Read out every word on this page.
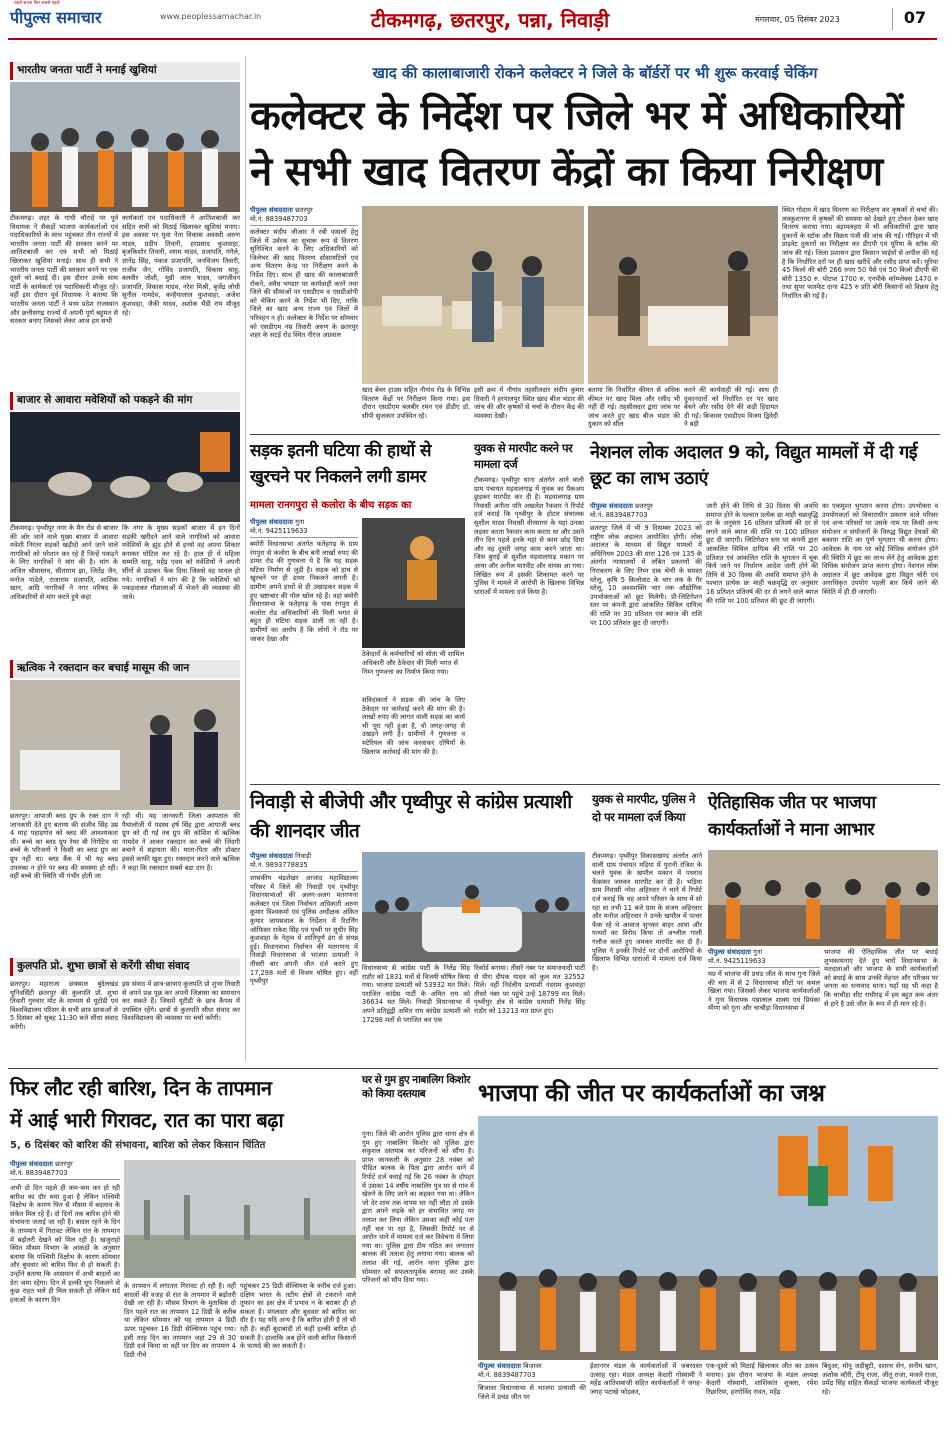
पीपुल्स समाचार
पहले सच्चा फिर सबसे पहले
www.peoplessamachar.in	टीकमगढ़, छतरपुर, पन्ना, निवाड़ी	मंगलवार, 05 दिसंबर 2023	07
भारतीय जनता पार्टी ने मनाई खुशियां
टीकमगढ़। शहर के गांधी चौराहे पर पूर्व विधायक ने सैकड़ों भाजपा कार्यकर्ताओं एवं पदाधिकारियों के साथ पहुंचकर तीन राज्यों में भारतीय जनता पार्टी की सरकार बनने पर आतिशबाजी कर एवं सभी को मिठाई खिलाकर खुशियां मनाई। साथ ही सभी ने भारतीय जनता पार्टी की सरकार बनने पर एक दूसरे को बधाई दी। इस दौरान उनके साथ पार्टी के कार्यकर्ता एवं पदाधिकारी मौजूद रहे। वहीं इस दौरान पूर्व विधायक ने बताया कि भारतीय जनता पार्टी ने मध्य प्रदेश राजस्थान और छत्तीसगढ़ राज्यों में अपनी पूर्ण बहुमत से सरकार बनाए जिसको लेकर आज हम सभी
कार्यकर्ता एवं पदाधिकारी ने आतिशबाजी कर सहित सभी को मिठाई खिलाकर खुशियां मनाए। इस अवसर पर युवा नेता विकास अवस्थी अरुण यादव, प्रदीप तिवारी, हरप्रसाद कुशवाहा, बृजकिशोर तिवारी, श्याम यादव, प्रजापति, गंगेले, ज्ञानेंद्र सिंह, पंकज प्रजापति, जनविजय तिवारी, राजीव जैन, गोविंद प्रजापति, विकास साहू, बलवीर जोशी, मुन्नी लाल यादव, जगजीवन प्रजापति, विकास यादव, नरेश मिश्री, बृजेंद्र लोधी सुनील नामदेव, कन्हैयालाल कुशवाहा, अजेश कुशवाहा, जैकी यादव, अशोक भैंडी राय मौजूद रहे।
बाजार से आवारा मवेशियों को पकड़ने की मांग
टीकमगढ़। पृथ्वीपुर नगर के मैन रोड से बाजार की ओर जाने वाले मुख्य बाजार में आवारा मवेशी निरंतर सड़कों खड़ीदो आने जाने वाले नागरिकों को परेशान कर रहे हैं जिन्हें पकड़ने के लिए नागरिकों ने मांग की है। मांग के अजित श्रीवास्तव, सीताराम झा, जितेंद्र जैन, मनोज पांडेले, राजाराम प्रजापति, आशिक खान, आदि नागरिकों ने नगर परिषद के अधिकारियों से मांग करते हुये कहा
कि नगर के मुख्य सड़कों बाजार में इन दिनों सड़की खरीदने आने वाले नागरिकों को आवारा मवेशियों के झुंड होने से इनसे वह अपना शिकार बनाकर घोटिल कर रहे है। हाल ही में महिला सम्मति साहू, महेंद्र एवम को मवेशियों ने अपनी सींगों से उठाकर फेंक दिया जिससे वह घायल हो गये। नागरिकों ने मांग की है कि मवेशियों को पकड़वाकर गौशालाओं में भेजने की व्यवस्था की जावे।
ऋत्विक ने रक्तदान कर बचाई मासूम की जान
छतरपुर। आपाजी ब्लड ग्रुप के रक्त दान ने जानकारी देते हुए बताया की संजीव सिंह उम्र 4 माह पहाड़गांव को ब्लड की आवश्यकता थी। बच्चे का ब्लड ग्रुप रेयर बी निगेटिव था बच्चे के परिजनों ने किसी का ब्लड ग्रुप का ग्रुप नहीं था। ब्लड बैंक में भी यह ब्लड उपलब्ध न होने पर ब्लड की समस्या हो रही। वहीं बच्चे की स्थिति भी गंभीर होती जा
रही थी। यह जानकारी जिला अस्पताल की पैथालॉजी में पदस्थ हर्ष सिंह द्वारा आपाजी ब्लड ग्रुप को दी गई तब ग्रुप की कोशिश से ऋत्विक नामदेव ने आकर रक्तदान कर बच्चे की जिंदगी बचाने में सहायता की। माता-पिता और डॉक्टर इससे काफी खुश हुए। रक्तदान करने वाले ऋत्विक ने कहा कि रक्तदान सबसे बड़ा दान है।
कुलपति प्रो. शुभा छात्रों से करेंगी सीधा संवाद
छतरपुर। महाराजा छत्रसाल बुंदेलखंड यूनिवर्सिटी छतरपुर की कुलपति प्रो. शुभा तिवारी गुरुवार मोट के माध्यम से यूटोडी एवं विश्वविद्यालय परिसर के सभी छात्र छात्राओं से 5 दिसंबर को सुबह 11:30 बजे सीधा संवाद करेंगी।
इस संवाद में छात्र-छात्राएं कुलपति प्रो शुभा तिवारी से अपने प्रश्न पूछ कर अपनी जिज्ञासा का समाधान कर सकते हैं। जिसमें यूटीडी के छात्र कैंपस में उपस्थित रहेंगे। छात्रों से कुलपति सीधा संवाद कर विश्वविद्यालय की व्यवस्था पर चर्चा करेंगी।
खाद की कालाबाजारी रोकने कलेक्टर ने जिले के बॉर्डरों पर भी शुरू करवाई चेकिंग
कलेक्टर के निर्देश पर जिले भर में अधिकारियों
ने सभी खाद वितरण केंद्रों का किया निरीक्षण
पीपुल्स संवाददाता छतरपुर
मो.नं. 8839487703
कलेक्टर संदीप जीआर ने रबी फसलों हेतु जिले में उर्वरक का सुचारू रूप से वितरण सुनिश्चित करने के लिए अधिकारियों को जिलेभर की खाद वितरण सोसायटियों एवं अन्य वितरण केन्द्र पर निरीक्षण करने के निर्देश दिए। साथ ही खाद की कालाबाजारी रोकने, अवैध भण्डार पर कार्यवाही करने तथा जिले की सीमाओं पर एसडीएम व एसडीओपी को चेकिंग करने के निर्देश भी दिए, ताकि जिले का खाद अन्य राज्य एवं जिलों में परिवहन न हो। कलेक्टर के निर्देश पर सोमवार को एसडीएम नम्र तिवारी अरुण के छतरपुर शहर के सटई रोड स्थित नीरज अग्रवाल
खाद बेचर हाउस सहित नौगांव रोड के विभिन्न वितरण केंद्रों पर निरीक्षण किया गया। इस दौरान एसडीएम बलबीर रमन एवं डीडीए डॉ. सीपी सुजकार उपस्थित रहे।
इसी क्रम में नौगांव तहसीलदार संदीप कुमार तिवारी ने हरपालपुर स्थित खाद बीज भंडार की जांच की और कृषकों से चर्चा के दौरान केंद्र की व्यवस्था देखी।
बताया कि निर्धारित कीमत से अधिक कीमत पर खाद मिला और रसीद भी नहीं दी गई। तहसीलदार द्वारा जांच पर जांच करते हुए खाद बीज भंडार की दुकान को सील
करने की कार्यवाही की गई। साथ ही दुकानदारों को निर्धारित दर पर खाद बेचने और रसीद देने की कड़ी हिदायत दी गई। बिजावर एसडीएम विजय द्विवेदी ने बड़ी
स्थित गोदाम में खाद वितरण का निरीक्षण कर कृषकों से चर्चा की। लवकुशनगर में कृषकों की समस्या को देखते हुए टोकन देकर खाद वितरण कराया गया। बड़ामलहरा में भी अधिकारियों द्वारा खाद दुकानों के स्टॉक और विक्रय पंजी की जांच की गई। गौरिहार में भी प्राइवेट दुकानों का निरीक्षण कर डीएपी एवं यूरिया के स्टॉक की जांच की गई। जिला प्रशासन द्वारा किसान भाईयों से अपील की गई है कि निर्धारित दरों पर ही खाद खरीदें और रसीद प्राप्त करें। यूरिया 45 किलो की बोरी 266 रुपए 50 पैसे एवं 50 किलो डीएपी की बोरी 1350 रु. पोटाश 1700 रु. एनपीके कॉम्प्लेक्स 1470 रु तथा सुपर फास्फेट दाना 425 रु प्रति बोरी किसानों को विक्रय हेतु निर्धारित की गई है।
सड़क इतनी घटिया की हाथों से खुरचने पर निकलने लगी डामर
मामला रानगपुरा से कलोरा के बीच सड़क का
पीपुल्स संवाददाता गुना
मो.नं. 9425119633
बमोरी विधानसभा अंतर्गत फतेहगढ़ के ग्राम रंगपुरा से कलोरा के बीच बनी लाखों रुपए की डामर रोड की गुणवत्ता ये है कि यह सड़क घटिया निर्माण से जुड़ी है। सड़क को हाथ से खुरचने पर ही डामर निकलने लगती है। ग्रामीण अपने हाथों से ही उखाड़कर सड़क में हुए भ्रष्टाचार की पोल खोल रहे हैं। वहां बमोरी विधानसभा के फतेहगढ़ के पास रंगपुरा से कलोरा रोड अधिकारियों की मिली भगत से बहुत ही घटिया सड़क डाली जा रही है। ग्रामीणों का आरोप है कि लोगों ने रोड पर जाकर देखा और
ठेकेदारों के कर्मचारियों को सोता भी शामिल अधिकारी और ठेकेदार की मिली भगत से निम्न गुणवत्ता का निर्माण किया गया।
संविदाकर्ता ने सड़क की जांच के लिए ठेकेदार पर कार्रवाई करने की मांग की है। लाखों रुपए की लागत वाली सड़क का कार्य भी पूरा नहीं हुआ है, वो जगह-जगह से उखड़ने लगी है। ग्रामीणों ने गुणवत्ता व मटेरियल की जांच करवाकर दोषियों के खिलाफ कार्रवाई की मांग की है।
युवक से मारपीट करने पर मामला दर्ज
टीकमगढ़। पृथ्वीपुर थाना अंतर्गत आने वाली ग्राम पंचायत मड़वालगाढ़ में युवक का पैकअप छुड़कर मारपीट कर दी है। मड़वालगाढ़ ग्राम निवासी अनीता पति अखलेश रैकवार ने रिपोर्ट दर्ज कराई कि पृथ्वीपुर के होटल संचालक सुशील यादव निवासी वीरसागर के यहां उनका लड़का करता रैकवार काम करता था और उसने तीन दिन पहले इनके यहां से काम छोड़ दिया और वह दूसरी जगह काम करने जाता था। जिस बुराई से सुशील मड़वालगाढ़ मकान पर आया और अनील मारपीट और वापस आ गया। लिखित रूप में इसकी शिकायत करने पर पुलिस ने मामले में आरोपी के खिलाफ विभिन्न धाराओं में मामला दर्ज किया है।
नेशनल लोक अदालत 9 को, विद्युत मामलों में दी गई छूट का लाभ उठाएं
पीपुल्स संवाददाता छतरपुर
मो.नं. 8839487703
छतरपुर जिले में भी 9 दिसम्बर 2023 को राष्ट्रीय लोक अदालत आयोजित होगी। लोक अदालत के माध्यम से विद्युत मामलों में अधिनियम 2003 की धारा 126 एवं 135 के अंतर्गत न्यायालयों में लंबित प्रकरणों की निराकरण के लिए निम्न दाब श्रेणी के समस्त घरेलू, कृषि 5 किलोवाट के भार तक के गैर घरेलू, 10 अश्वशक्ति भार तक औद्योगिक उपभोक्ताओं को छूट मिलेगी। प्री-लिटिगेशन स्तर पर कंपनी द्वारा आंकलित सिविल दायित्व की राशि पर 30 प्रतिशत एवं ब्याज की राशि पर 100 प्रतिशत छूट दी जाएगी।
जारी होने की तिथि से 30 दिवस की अवधि समाप्त होने के पश्चात प्रत्येक छः माही चक्रवृद्धि दर के अनुसार 16 प्रतिशत प्रतिवर्ष की दर से लगने वाले ब्याज की राशि पर 100 प्रतिशत छूट दी जाएगी। लिटिगेशन स्तर पर कंपनी द्वारा आंकलित सिविल दायित्व की राशि पर 20 प्रतिशत एवं आंकलित राशि के भुगतान में चूक किये जाने पर निर्धारण आदेश जारी होने की तिथि से 30 दिवस की अवधि समाप्त होने के पश्चात प्रत्येक छः माही चक्रवृद्धि दर अनुसार 16 प्रतिशत प्रतिवर्ष की दर से लगने वाले ब्याज की राशि पर 100 प्रतिशत की छूट दी जाएगी।
का एकमुश्त भुगतान करना होगा। उपभोक्ता व उपयोगकर्ता को विचाराधीन प्रकरण वाले परिसर एवं अन्य परिसरों पर उसके नाम पर किसी अन्य संयोजन व संयोजनों के विरुद्ध विद्युत देयकों की बकाया राशि का पूर्ण भुगतान भी करना होगा। आवेदक के नाम पर कोई विधिक संयोजन होने की स्थिति में छूट का लाभ लेने हेतु आवेदक द्वारा विधिक संयोजन प्राप्त करना होगा। नेशनल लोक अदालत में छूट आवेदक द्वारा विद्युत चोरी एवं अनाधिकृत उपयोग पहली बार किये जाने की स्थिति में ही दी जाएगी।
निवाड़ी से बीजेपी और पृथ्वीपुर से कांग्रेस प्रत्याशी की शानदार जीत
पीपुल्स संवाददाता निवाड़ी
मो.नं. 9893778835
शासकीय चंद्रशेखर आजाद महाविद्यालय परिसर में जिले की निवाड़ी एवं पृथ्वीपुर विधानसभाओं की अलग-अलग मतगणना कलेक्टर एवं जिला निर्वाचन अधिकारी अरुण कुमार विश्वकर्मा एवं पुलिस अधीक्षक अंकित कुमार जायसवाल के निर्देशन में रिटर्निंग ऑफिसर राकेश सिंह एवं पृथ्वी पर सुधीर सिंह कुशवाहा के नेतृत्व में शांतिपूर्ण ढंग से संपन्न हुई। विधानसभा निर्वाचन की मतगणना में निवाड़ी विधानसभा से भाजपा प्रत्याशी ने तीसरी बार अपनी जीत दर्ज करते हुए 17,298 मतों से विजय घोषित हुए। वहीं पृथ्वीपुर
विधानसभा से कांग्रेस पार्टी के नितेंद्र सिंह राठौर को 1831 मतों से विजयी घोषित किया गया। भाजपा प्रत्याशी को 53932 मत मिले। पराजित कांग्रेस पार्टी के अमित राय को 36634 मत मिले। निवाड़ी विधानसभा में अपने प्रतिद्वंद्वी अमित राय कांग्रेस प्रत्याशी को 17298 मतों से पराजित कर एक
रिकॉर्ड बनाया। तीसरे नंबर पर समाजवादी पार्टी से मीरा दीपक यादव को कुल मत 32552 मिले। वहीं निर्दलीय प्रत्याशी नंदराम कुशवाहा तीसरे नंबर पर पहुंचे उन्हें 18799 मत मिले। पृथ्वीपुर क्षेत्र से कांग्रेस प्रत्याशी नितेंद्र सिंह राठौर को 13213 मत प्राप्त हुए।
युवक से मारपीट, पुलिस ने दो पर मामला दर्ज किया
टीकमगढ़। पृथ्वीपुर विकासखण्ड अंतर्गत आने वाली ग्राम पंचायत मड़िया में पुरानी रंजिश के चलते युवक के खपरैल मकान में पथराव फेंककर जमकर मारपीट कर दी है। भड़िया ग्राम निवासी नरेश अहिरवार ने थाने में रिपोर्ट दर्ज कराई कि वह अपने परिवार के साथ में सो रहा था तभी 11 बजे ग्राम के संजय अहिरवार और मनोज अहिरवार ने उनके खपरैल में पत्थर फेंक रहे थे आवाज सुनकर बाहर आया और पत्थरों का विरोध किया तो अश्लील गाली गलौज करते हुए जमकर मारपीट कर दी है। पुलिस ने इनकी रिपोर्ट पर दोनों आरोपियों के खिलाफ विभिन्न धाराओं में मामला दर्ज किया है।
ऐतिहासिक जीत पर भाजपा कार्यकर्ताओं ने माना आभार
पीपुल्स संवाददाता गुना
मो.नं. 9425119633
मप्र में भाजपा की प्रचंड जीत के साथ गुना जिले की चार में से 2 विधानसभा सीटों पर कमल खिला गया। जिसको लेकर भाजपा कार्यकर्ताओं ने गुना विधायक पन्नालाल शाक्य एवं प्रियंका मीणा को गुना और चाचौड़ा विधानसभा में
भाजपा की ऐतिहासिक जीत पर बधाई शुभकामनाएं देते हुए चारों विधानसभा के मतदाताओं और भाजपा के सभी कार्यकर्ताओं को बधाई के साथ उनकी मेहनत और परिश्रम पर जनता का धन्यवाद माना। यहाँ यह भी कहा है कि चाचौड़ा सीट राघौगढ़ में हम बहुत कम अंतर से हारे है उसे जीत के रूप में ही मान रहे है।
फिर लौट रही बारिश, दिन के तापमान
में आई भारी गिरावट, रात का पारा बढ़ा
5, 6 दिसंबर को बारिश की संभावना, बारिश को लेकर किसान चिंतित
पीपुल्स संवाददाता छतरपुर
मो.नं. 8839487703
अभी दो दिन पहले ही कम-कम कर हो रही बारिश का दौर थमा हुआ है लेकिन पश्चिमी विक्षोभ के कारण फिर से मौसम में बदलाव के संकेत मिल रहे हैं। दो दिनों तक बारिश होने की संभावना जताई जा रही है। बादल रहने के दिन के तापमान में गिरावट लेकिन रात के तापमान में बढ़ोतरी देखने को मिल रही है। खजुराहो स्थित मौसम विभाग के आंकड़ों के अनुसार बताया कि पश्चिमी विक्षोभ के कारण सोमवार और बुधवार को बारिश फिर से हो सकती है। उन्होंने बताया कि आसमान में अभी बादलों का डेरा जमा रहेगा। दिन में हल्की धूप निकलने से कुछ राहत भले ही मिल सकती हो लेकिन सर्द हवाओं के कारण दिन
के तापमान में लगातार गिरावट हो रही है। वहीं बादलों की वजह से रात के तापमान में बढ़ोतरी देखी जा रही है। मौसम विभाग के मुताबिक दो दिन पहले रात का तापमान 12 डिग्री के करीब था लेकिन सोमवार को यह तापमान 4 डिग्री ऊपर पहुंचकर 16 डिग्री सेल्सियस पहुंच गया। इसी तरह दिन का तापमान जहां 29 से 30 डिग्री दर्ज किया था वहीं पर दिन का तापमान 4 डिग्री नीचे
पहुंचकर 25 डिग्री सेल्सियस के करीब दर्ज हुआ। दक्षिण भारत के तटीय क्षेत्रों से टकराने वाले तूफान का इस क्षेत्र में प्रभाव न के बराबर ही हो सकता है। मंगलवार और बुधवार को बारिश का दौर है। यह यदि अन्य हैं कि बारिश होती है तो भी रही है। कहीं बूंदाबांदी तो कहीं हल्की बारिश हो सकती है। हालांकि अब होने वाली बारिश किसानों के फायदे की कर सकती है।
घर से गुम हुए नाबालिग किशोर को किया दस्तयाब
गुना। जिले की आरोन पुलिस द्वारा थाना क्षेत्र से गुम हुए नाबालिग किशोर को पुलिस द्वारा सकुशल दस्तयाब कर परिजनों को सौंपा है। प्राप्त जानकारी के अनुसार 28 नवंबर को पीड़ित बालक के पिता द्वारा आरोन थाने में रिपोर्ट दर्ज कराई गई कि 26 नवंबर के दोपहर में उसका 14 वर्षीय नाबालिग पुत्र घर से गांव में खेलने के लिए जाने का कहकर गया था। लेकिन जो देर शाम तक वापस घर नहीं लौटा तो उसके द्वारा अपने लड़के को हर संभावित जगह पर तलाश कर लिया लेकिन उसका कहीं कोई पता नहीं चल पा रहा है, जिसकी रिपोर्ट पर से आरोन थाने में मामला दर्ज कर विवेचना में लिया गया था। पुलिस द्वारा टीम गठित कर लगातार बालक की तलाश हेतु लगाया गया। बालक को तलाश की गई, आरोन थाना पुलिस द्वारा सोमवार को सफलतापूर्वक बरामद कर उसके परिजनों को सौंप दिया गया।
भाजपा की जीत पर कार्यकर्ताओं का जश्न
पीपुल्स संवाददाता बिजावर
मो.नं. 8839487703
बिजावर विधानसभा से भाजपा प्रत्याशी की जिले में प्रचंड जीत पर
ईशानगर मंडल के कार्यकर्ताओं में जबरदस्त उत्साह रहा। मंडल अध्यक्ष केदारी गोस्वामी ने महेंद्र आतिशबाजी सहित कार्यकर्ताओं ने जगह-जगह पटाखे फोड़कर,
एक-दूसरे को मिठाई खिलाकर जीत का उत्सव मनाया। इस दौरान भाजपा के मंडल अध्यक्ष केदारी गोस्वामी, शाशिकांत शुक्ला, रमेश रिछारिया, हरगोविंद रावत, महेंद्र
बिदुआ, मोनू जड़ीबूटी, दशरथ सेन, सनीम खान, अशोक कौरी, टीपू राजा, जीतू राजा, मजले राजा, प्रमेंद्र सिंह सहित सैकड़ों भाजपा कार्यकर्ता मौजूद रहे।
